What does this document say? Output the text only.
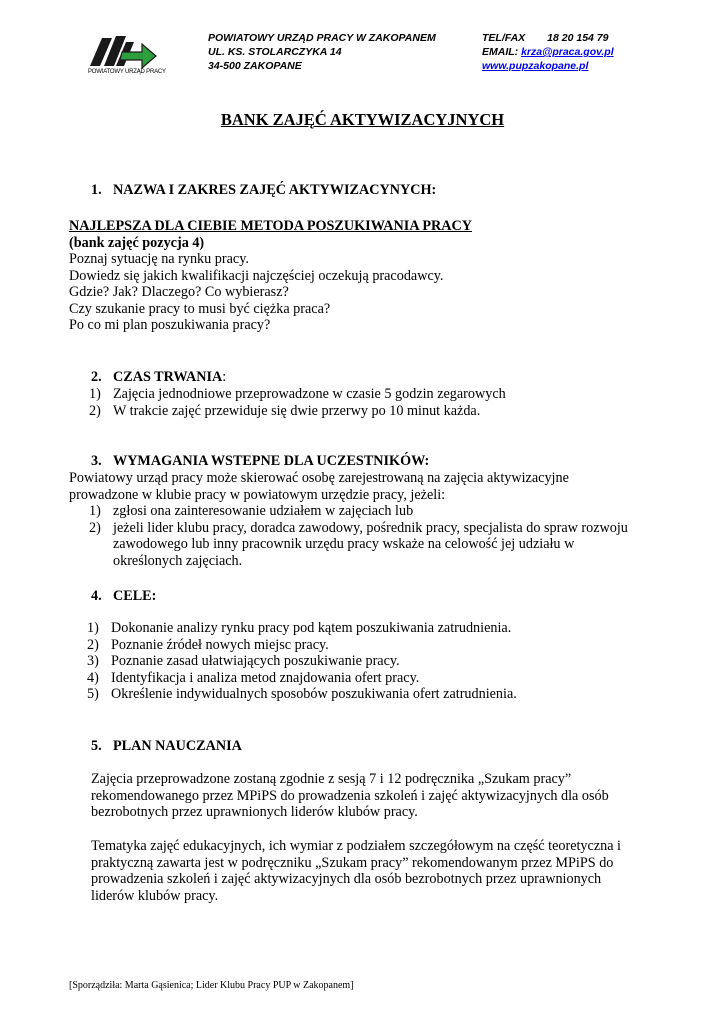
POWIATOWY URZĄD PRACY
POWIATOWY URZĄD PRACY W ZAKOPANEM
UL. KS. STOLARCZYKA 14
34-500 ZAKOPANE
TEL/FAX 18 20 154 79
EMAIL: krza@praca.gov.pl
www.pupzakopane.pl
BANK ZAJĘĆ AKTYWIZACYJNYCH
1. NAZWA I ZAKRES ZAJĘĆ AKTYWIZACYNYCH:
NAJLEPSZA DLA CIEBIE METODA POSZUKIWANIA PRACY
(bank zajęć pozycja 4)
Poznaj sytuację na rynku pracy.
Dowiedz się jakich kwalifikacji najczęściej oczekują pracodawcy.
Gdzie? Jak? Dlaczego? Co wybierasz?
Czy szukanie pracy to musi być ciężka praca?
Po co mi plan poszukiwania pracy?
2. CZAS TRWANIA:
1) Zajęcia jednodniowe przeprowadzone w czasie 5 godzin zegarowych
2) W trakcie zajęć przewiduje się dwie przerwy po 10 minut każda.
3. WYMAGANIA WSTEPNE DLA UCZESTNIKÓW:
Powiatowy urząd pracy może skierować osobę zarejestrowaną na zajęcia aktywizacyjne
prowadzone w klubie pracy w powiatowym urzędzie pracy, jeżeli:
1) zgłosi ona zainteresowanie udziałem w zajęciach lub
2) jeżeli lider klubu pracy, doradca zawodowy, pośrednik pracy, specjalista do spraw rozwoju
zawodowego lub inny pracownik urzędu pracy wskaże na celowość jej udziału w
określonych zajęciach.
4. CELE:
1) Dokonanie analizy rynku pracy pod kątem poszukiwania zatrudnienia.
2) Poznanie źródeł nowych miejsc pracy.
3) Poznanie zasad ułatwiających poszukiwanie pracy.
4) Identyfikacja i analiza metod znajdowania ofert pracy.
5) Określenie indywidualnych sposobów poszukiwania ofert zatrudnienia.
5. PLAN NAUCZANIA
Zajęcia przeprowadzone zostaną zgodnie z sesją 7 i 12 podręcznika „Szukam pracy”
rekomendowanego przez MPiPS do prowadzenia szkoleń i zajęć aktywizacyjnych dla osób
bezrobotnych przez uprawnionych liderów klubów pracy.
Tematyka zajęć edukacyjnych, ich wymiar z podziałem szczegółowym na część teoretyczna i
praktyczną zawarta jest w podręczniku „Szukam pracy” rekomendowanym przez MPiPS do
prowadzenia szkoleń i zajęć aktywizacyjnych dla osób bezrobotnych przez uprawnionych
liderów klubów pracy.
[Sporządziła: Marta Gąsienica; Lider Klubu Pracy PUP w Zakopanem]
